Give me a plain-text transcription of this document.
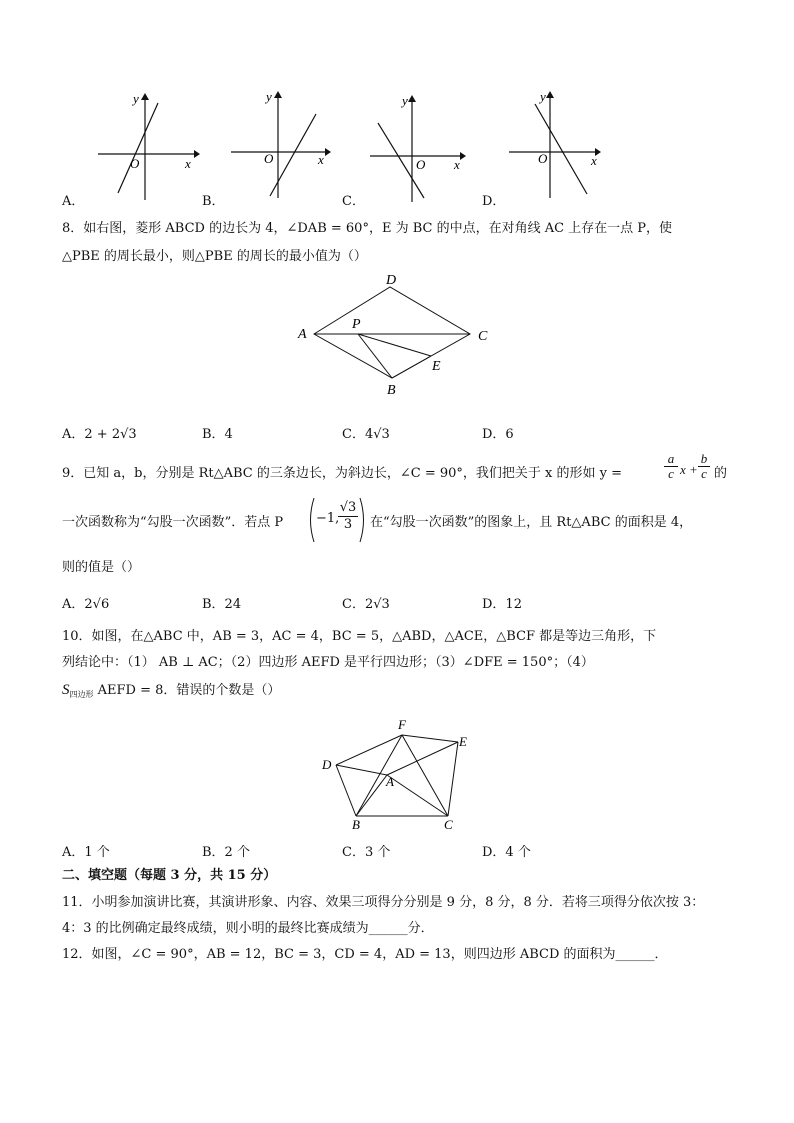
y
x
O
y
x
O
y
x
O
y
x
O
A．	B．	C．	D．
8．如右图，菱形 ABCD 的边长为 4，∠DAB = 60°，E 为 BC 的中点，在对角线 AC 上存在一点 P，使
△PBE 的周长最小，则△PBE 的周长的最小值为（）
D
A
P
C
E
B
A．2 + 2√3	B．4	C．4√3	D．6
9．已知 a，b，分别是 Rt△ABC 的三条边长，为斜边长，∠C = 90°，我们把关于 x 的形如 y =	$\frac{a}{c}$ $x + \frac{b}{c}$ 的
一次函数称为“勾股一次函数”．若点 P	−1,
$\frac{√3}{3}$ 在“勾股一次函数”的图象上，且 Rt△ABC 的面积是 4，
则的值是（）
A．2√6	B．24	C．2√3	D．12
10．如图，在△ABC 中，AB = 3，AC = 4，BC = 5，△ABD，△ACE，△BCF 都是等边三角形，下
列结论中：（1） AB ⊥ AC；（2）四边形 AEFD 是平行四边形；（3）∠DFE = 150°；（4）
$S_{四边形}$ AEFD = 8．错误的个数是（）
F
E
D
A
B	C
A．1 个	B．2 个	C．3 个	D．4 个
二、填空题（每题 3 分，共 15 分）
11．小明参加演讲比赛，其演讲形象、内容、效果三项得分分别是 9 分，8 分，8 分．若将三项得分依次按 3：
4：3 的比例确定最终成绩，则小明的最终比赛成绩为______分．
12．如图，∠C = 90°，AB = 12，BC = 3，CD = 4，AD = 13，则四边形 ABCD 的面积为______．
